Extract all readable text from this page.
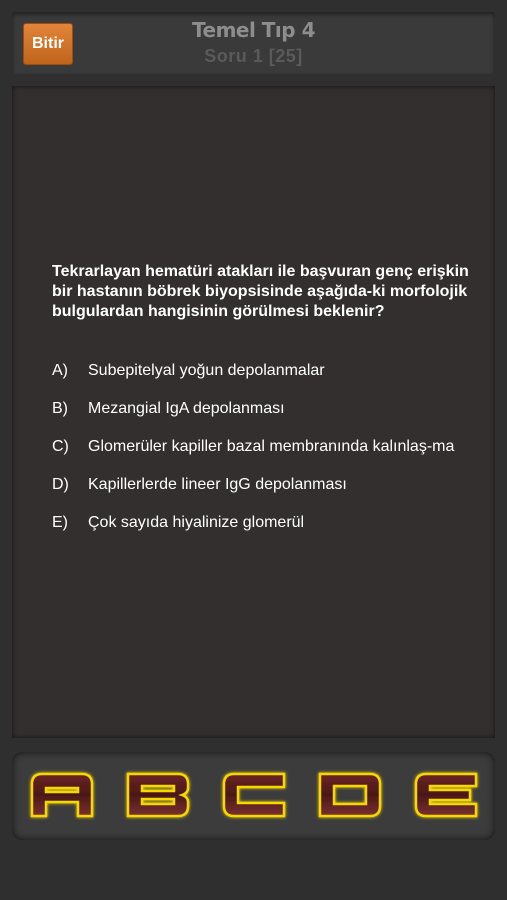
Bitir
Temel Tıp 4
Soru 1 [25]
Tekrarlayan hematüri atakları ile başvuran genç erişkin bir hastanın böbrek biyopsisinde aşağıda-ki morfolojik bulgulardan hangisinin görülmesi beklenir?
A)	Subepitelyal yoğun depolanmalar
B)	Mezangial IgA depolanması
C)	Glomerüler kapiller bazal membranında kalınlaş-ma
D)	Kapillerlerde lineer IgG depolanması
E)	Çok sayıda hiyalinize glomerül
